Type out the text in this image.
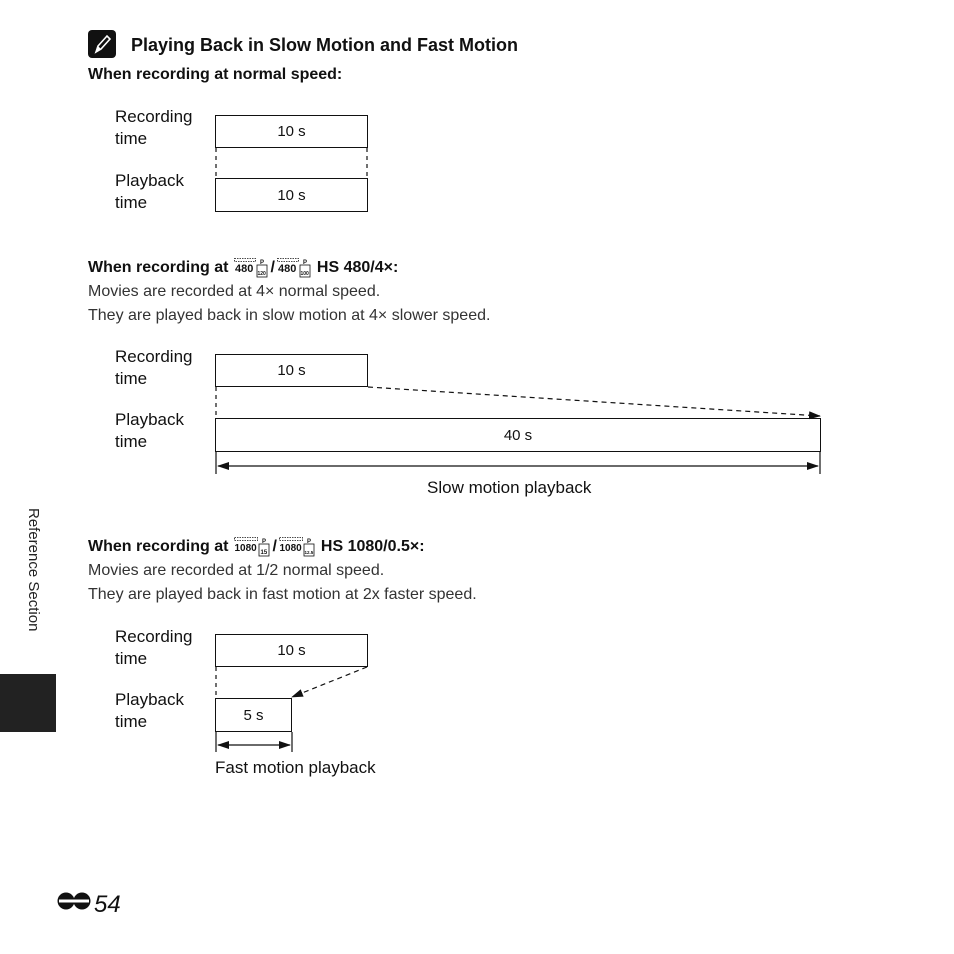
Playing Back in Slow Motion and Fast Motion
When recording at normal speed:
Recording
time	10 s
Playback
time	10 s
When recording at 480 120
P / 480 100
P HS 480/4×:
Movies are recorded at 4× normal speed.
They are played back in slow motion at 4× slower speed.
Recording
time	10 s
Playback
time	40 s
Slow motion playback
When recording at 1080 15
P / 1080 12.5
P HS 1080/0.5×:
Movies are recorded at 1/2 normal speed.
They are played back in fast motion at 2x faster speed.
Recording
time	10 s
Playback
time	5 s
Fast motion playback
Reference Section
54
